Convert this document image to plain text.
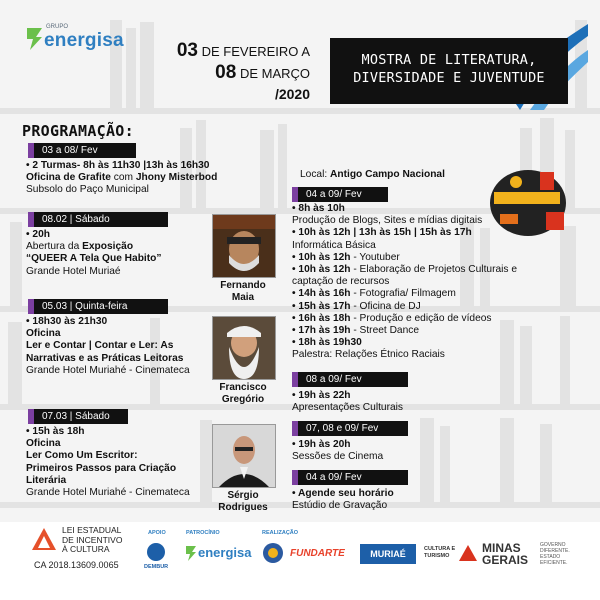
GRUPO
energisa	03 DE FEVEREIRO A
08 DE MARÇO
/2020
MOSTRA DE LITERATURA,
DIVERSIDADE E JUVENTUDE
PROGRAMAÇÃO:
03 a 08/ Fev
• 2 Turmas- 8h às 11h30 |13h às 16h30
Oficina de Grafite com Jhony Misterbod
Subsolo do Paço Municipal
08.02 | Sábado
• 20h
Abertura da Exposição
“QUEER A Tela Que Habito”
Grande Hotel Muriaé
05.03 | Quinta-feira
• 18h30 às 21h30
Oficina
Ler e Contar | Contar e Ler: As
Narrativas e as Práticas Leitoras
Grande Hotel Muriahé - Cinemateca
07.03 | Sábado
• 15h às 18h
Oficina
Ler Como Um Escritor:
Primeiros Passos para Criação
Literária
Grande Hotel Muriahé - Cinemateca
Fernando
Maia
Francisco
Gregório
Sérgio
Rodrigues
Local: Antigo Campo Nacional
04 a 09/ Fev
• 8h às 10h
Produção de Blogs, Sites e mídias digitais
• 10h às 12h | 13h às 15h | 15h às 17h
Informática Básica
• 10h às 12h - Youtuber
• 10h às 12h - Elaboração de Projetos Culturais e
captação de recursos
• 14h às 16h - Fotografia/ Filmagem
• 15h às 17h - Oficina de DJ
• 16h às 18h - Produção e edição de vídeos
• 17h às 19h - Street Dance
• 18h às 19h30
Palestra: Relações Étnico Raciais
08 a 09/ Fev
• 19h às 22h
Apresentações Culturais
07, 08 e 09/ Fev
• 19h às 20h
Sessões de Cinema
04 a 09/ Fev
• Agende seu horário
Estúdio de Gravação
LEI ESTADUAL
DE INCENTIVO
À CULTURA
CA 2018.13609.0065
APOIO	PATROCÍNIO	REALIZAÇÃO
DEMBUR
energisa	FUNDARTE	MURIAÉ	CULTURA E
TURISMO
MINAS
GERAIS
GOVERNO
DIFERENTE.
ESTADO
EFICIENTE.
